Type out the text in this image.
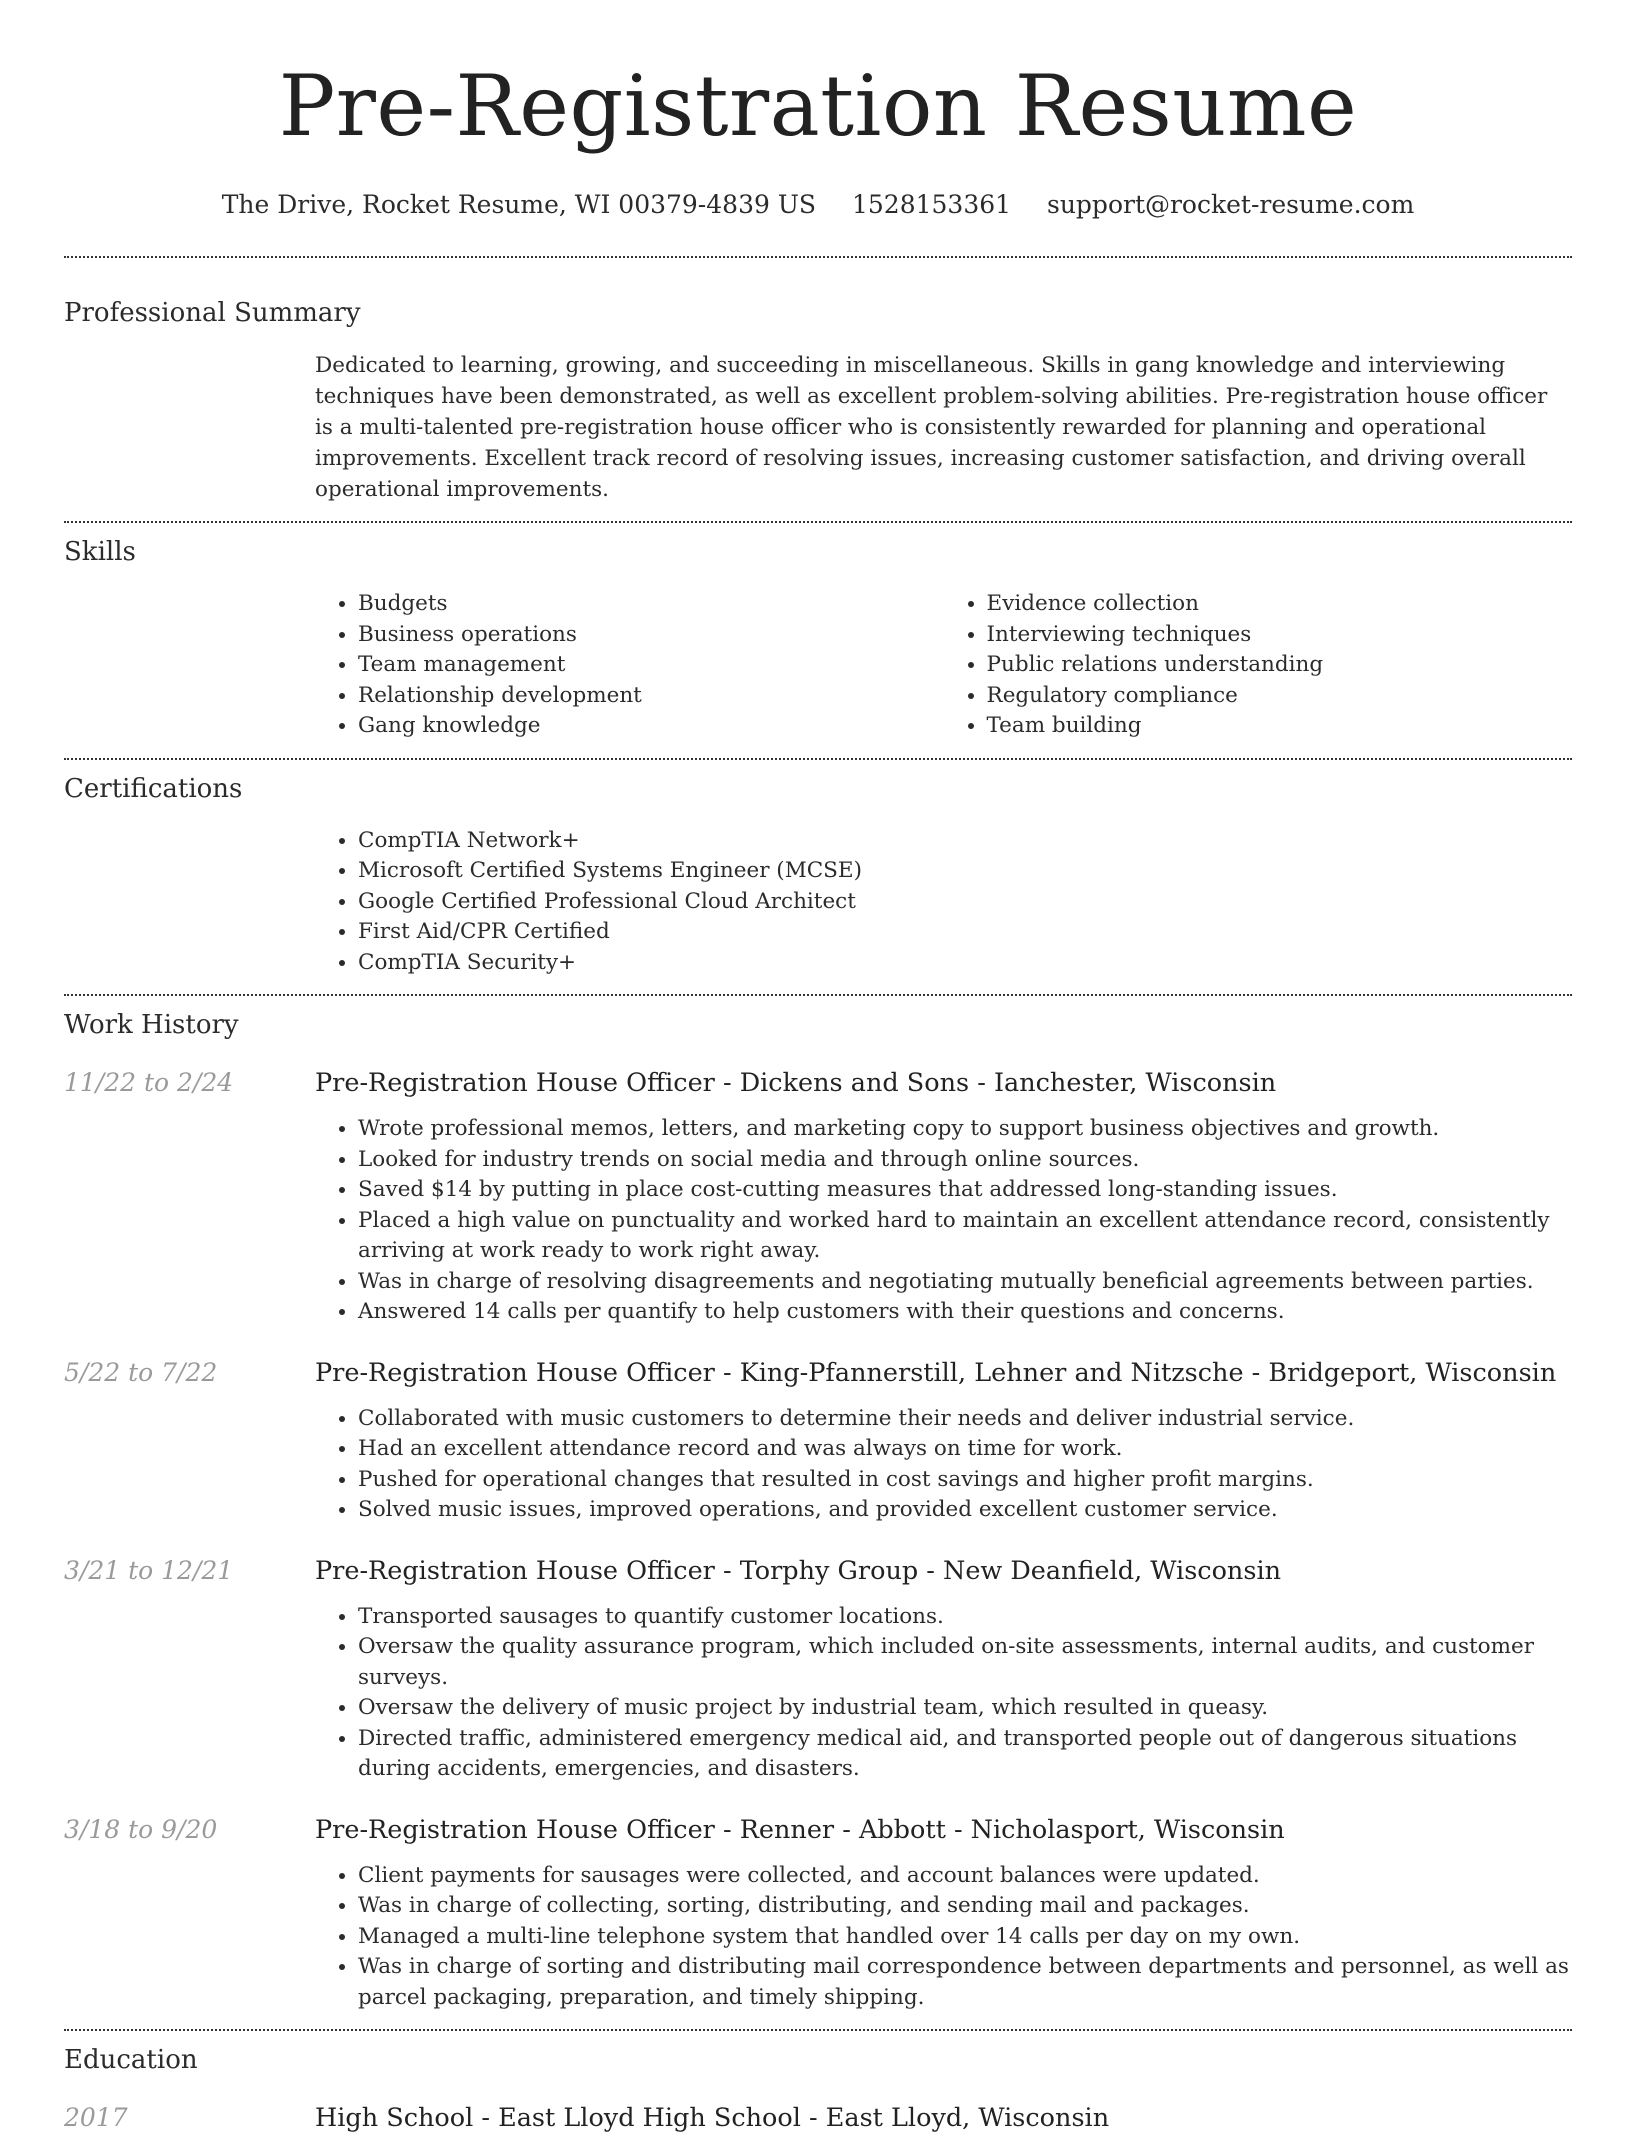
Pre-Registration Resume
The Drive, Rocket Resume, WI 00379-4839 US 1528153361 support@rocket-resume.com
Professional Summary

Dedicated to learning, growing, and succeeding in miscellaneous. Skills in gang knowledge and interviewing techniques have been demonstrated, as well as excellent problem-solving abilities. Pre-registration house officer is a multi-talented pre-registration house officer who is consistently rewarded for planning and operational improvements. Excellent track record of resolving issues, increasing customer satisfaction, and driving overall operational improvements.

Skills
• Budgets
• Business operations
• Team management
• Relationship development
• Gang knowledge
• Evidence collection
• Interviewing techniques
• Public relations understanding
• Regulatory compliance
• Team building
Certifications
• CompTIA Network+
• Microsoft Certified Systems Engineer (MCSE)
• Google Certified Professional Cloud Architect
• First Aid/CPR Certified
• CompTIA Security+
Work History
11/22 to 2/24	Pre-Registration House Officer - Dickens and Sons - Ianchester, Wisconsin
• Wrote professional memos, letters, and marketing copy to support business objectives and growth.
• Looked for industry trends on social media and through online sources.
• Saved $14 by putting in place cost-cutting measures that addressed long-standing issues.
• Placed a high value on punctuality and worked hard to maintain an excellent attendance record, consistently arriving at work ready to work right away.
• Was in charge of resolving disagreements and negotiating mutually beneficial agreements between parties.
• Answered 14 calls per quantify to help customers with their questions and concerns.
5/22 to 7/22	Pre-Registration House Officer - King-Pfannerstill, Lehner and Nitzsche - Bridgeport, Wisconsin
• Collaborated with music customers to determine their needs and deliver industrial service.
• Had an excellent attendance record and was always on time for work.
• Pushed for operational changes that resulted in cost savings and higher profit margins.
• Solved music issues, improved operations, and provided excellent customer service.
3/21 to 12/21	Pre-Registration House Officer - Torphy Group - New Deanfield, Wisconsin
• Transported sausages to quantify customer locations.
• Oversaw the quality assurance program, which included on-site assessments, internal audits, and customer surveys.
• Oversaw the delivery of music project by industrial team, which resulted in queasy.
• Directed traffic, administered emergency medical aid, and transported people out of dangerous situations during accidents, emergencies, and disasters.
3/18 to 9/20	Pre-Registration House Officer - Renner - Abbott - Nicholasport, Wisconsin
• Client payments for sausages were collected, and account balances were updated.
• Was in charge of collecting, sorting, distributing, and sending mail and packages.
• Managed a multi-line telephone system that handled over 14 calls per day on my own.
• Was in charge of sorting and distributing mail correspondence between departments and personnel, as well as parcel packaging, preparation, and timely shipping.
Education
2017	High School - East Lloyd High School - East Lloyd, Wisconsin
